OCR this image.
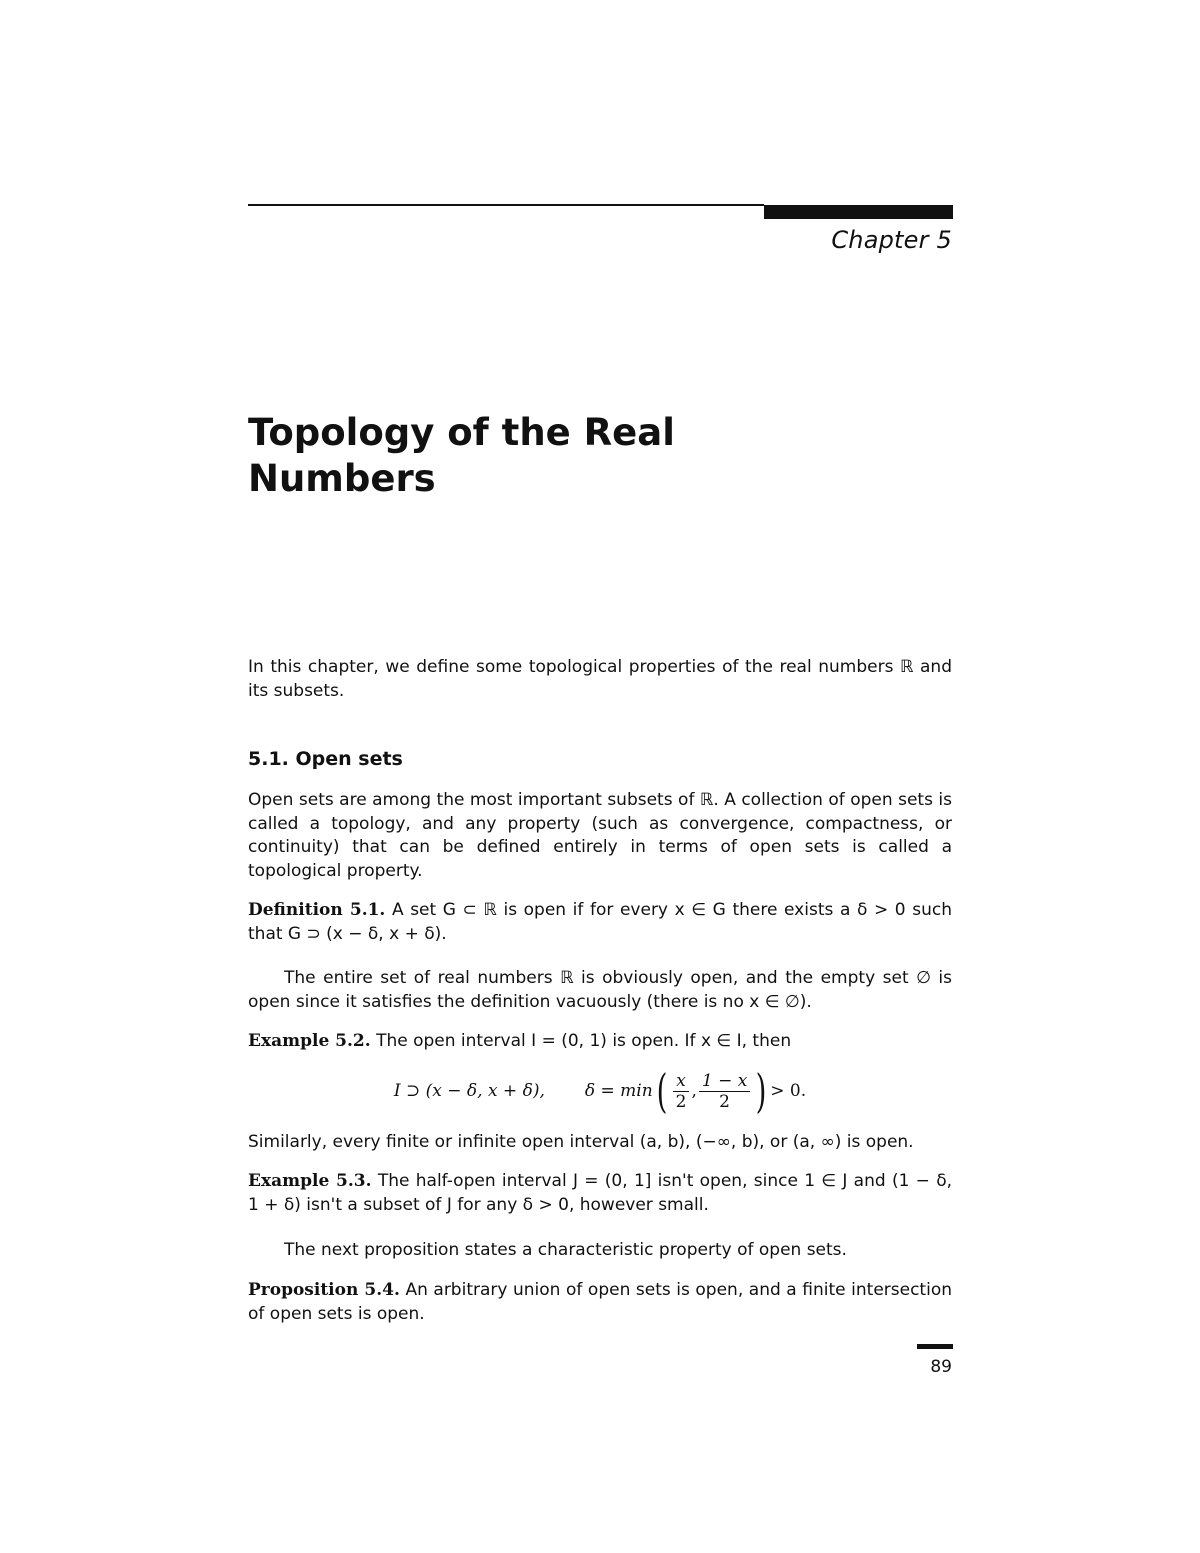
Chapter 5
Topology of the Real
Numbers
In this chapter, we define some topological properties of the real numbers ℝ and its subsets.
5.1. Open sets
Open sets are among the most important subsets of ℝ. A collection of open sets is called a topology, and any property (such as convergence, compactness, or continuity) that can be defined entirely in terms of open sets is called a topological property.
Definition 5.1. A set G ⊂ ℝ is open if for every x ∈ G there exists a δ > 0 such that G ⊃ (x − δ, x + δ).
The entire set of real numbers ℝ is obviously open, and the empty set ∅ is open since it satisfies the definition vacuously (there is no x ∈ ∅).
Example 5.2. The open interval I = (0, 1) is open. If x ∈ I, then
I ⊃ (x − δ, x + δ), δ = min ( $\frac{x}{2}$ , $\frac{1 - x}{2}$ ) > 0.
Similarly, every finite or infinite open interval (a, b), (−∞, b), or (a, ∞) is open.
Example 5.3. The half-open interval J = (0, 1] isn't open, since 1 ∈ J and (1 − δ, 1 + δ) isn't a subset of J for any δ > 0, however small.
The next proposition states a characteristic property of open sets.
Proposition 5.4. An arbitrary union of open sets is open, and a finite intersection of open sets is open.
89
